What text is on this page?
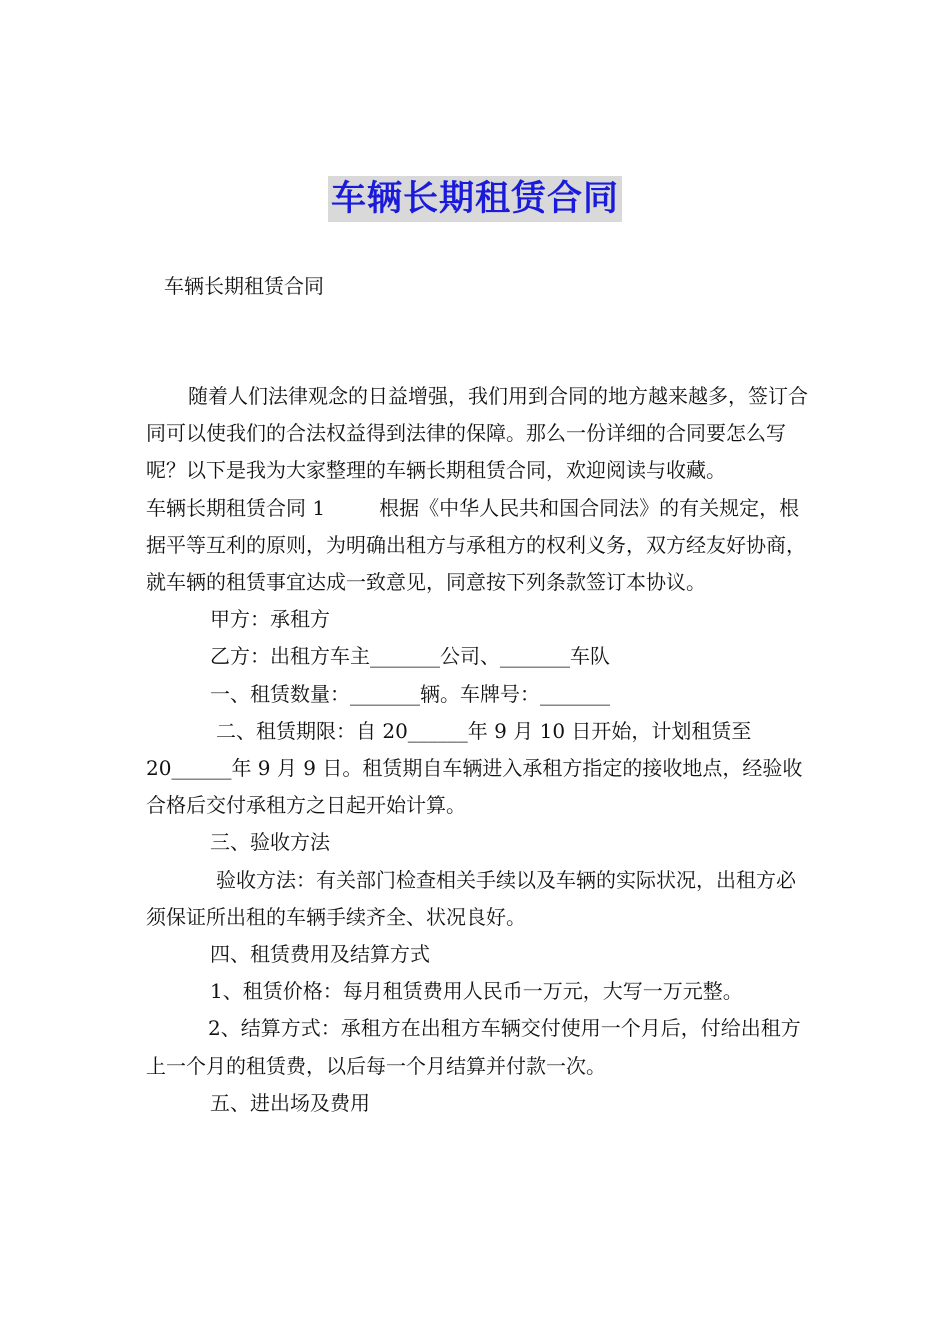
车辆长期租赁合同
车辆长期租赁合同

随着人们法律观念的日益增强，我们用到合同的地方越来越多，签订合同可以使我们的合法权益得到法律的保障。那么一份详细的合同要怎么写呢？以下是我为大家整理的车辆长期租赁合同，欢迎阅读与收藏。

车辆长期租赁合同 1	根据《中华人民共和国合同法》的有关规定，根据平等互利的原则，为明确出租方与承租方的权利义务，双方经友好协商，就车辆的租赁事宜达成一致意见，同意按下列条款签订本协议。

甲方：承租方

乙方：出租方车主_______公司、_______车队

一、租赁数量：_______辆。车牌号：_______

二、租赁期限：自 20______年 9 月 10 日开始，计划租赁至 20______年 9 月 9 日。租赁期自车辆进入承租方指定的接收地点，经验收合格后交付承租方之日起开始计算。

三、验收方法

验收方法：有关部门检查相关手续以及车辆的实际状况，出租方必须保证所出租的车辆手续齐全、状况良好。

四、租赁费用及结算方式

1、租赁价格：每月租赁费用人民币一万元，大写一万元整。

2、结算方式：承租方在出租方车辆交付使用一个月后，付给出租方上一个月的租赁费，以后每一个月结算并付款一次。

五、进出场及费用
